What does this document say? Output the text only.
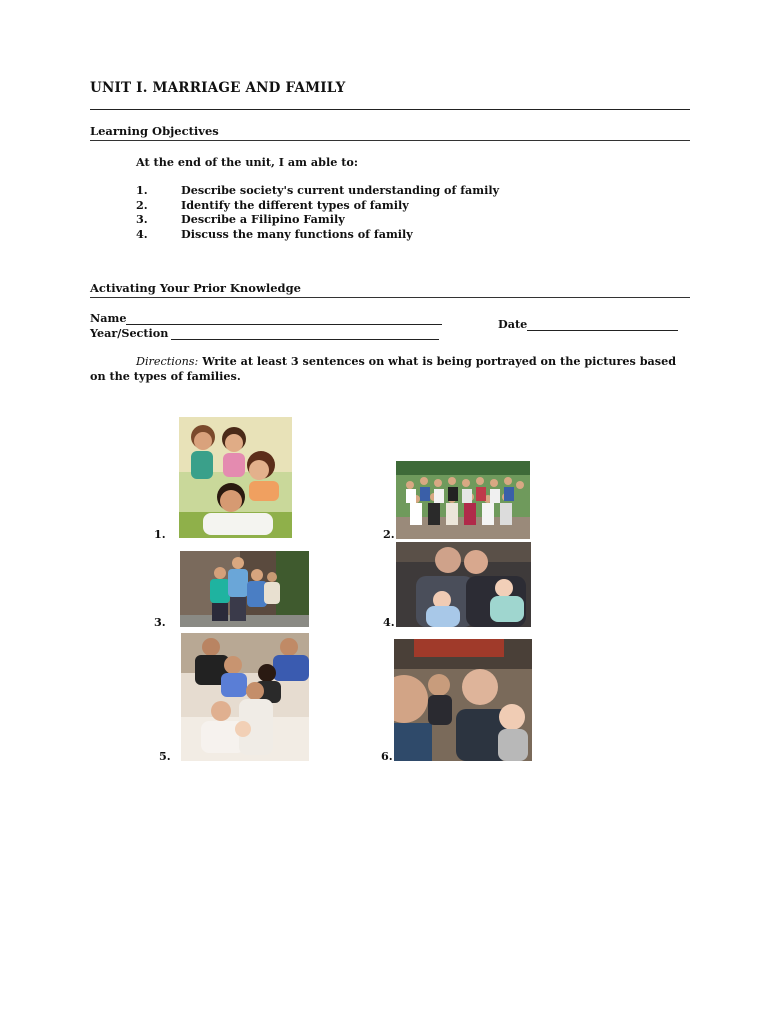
UNIT I. MARRIAGE AND FAMILY
Learning Objectives
At the end of the unit, I am able to:
1.	Describe society's current understanding of family
2.	Identify the different types of family
3.	Describe a Filipino Family
4.	Discuss the many functions of family
Activating Your Prior Knowledge
Name
Year/Section
Date
Directions: Write at least 3 sentences on what is being portrayed on the pictures based on the types of families.
1.	2.
3.	4.
5.	6.
